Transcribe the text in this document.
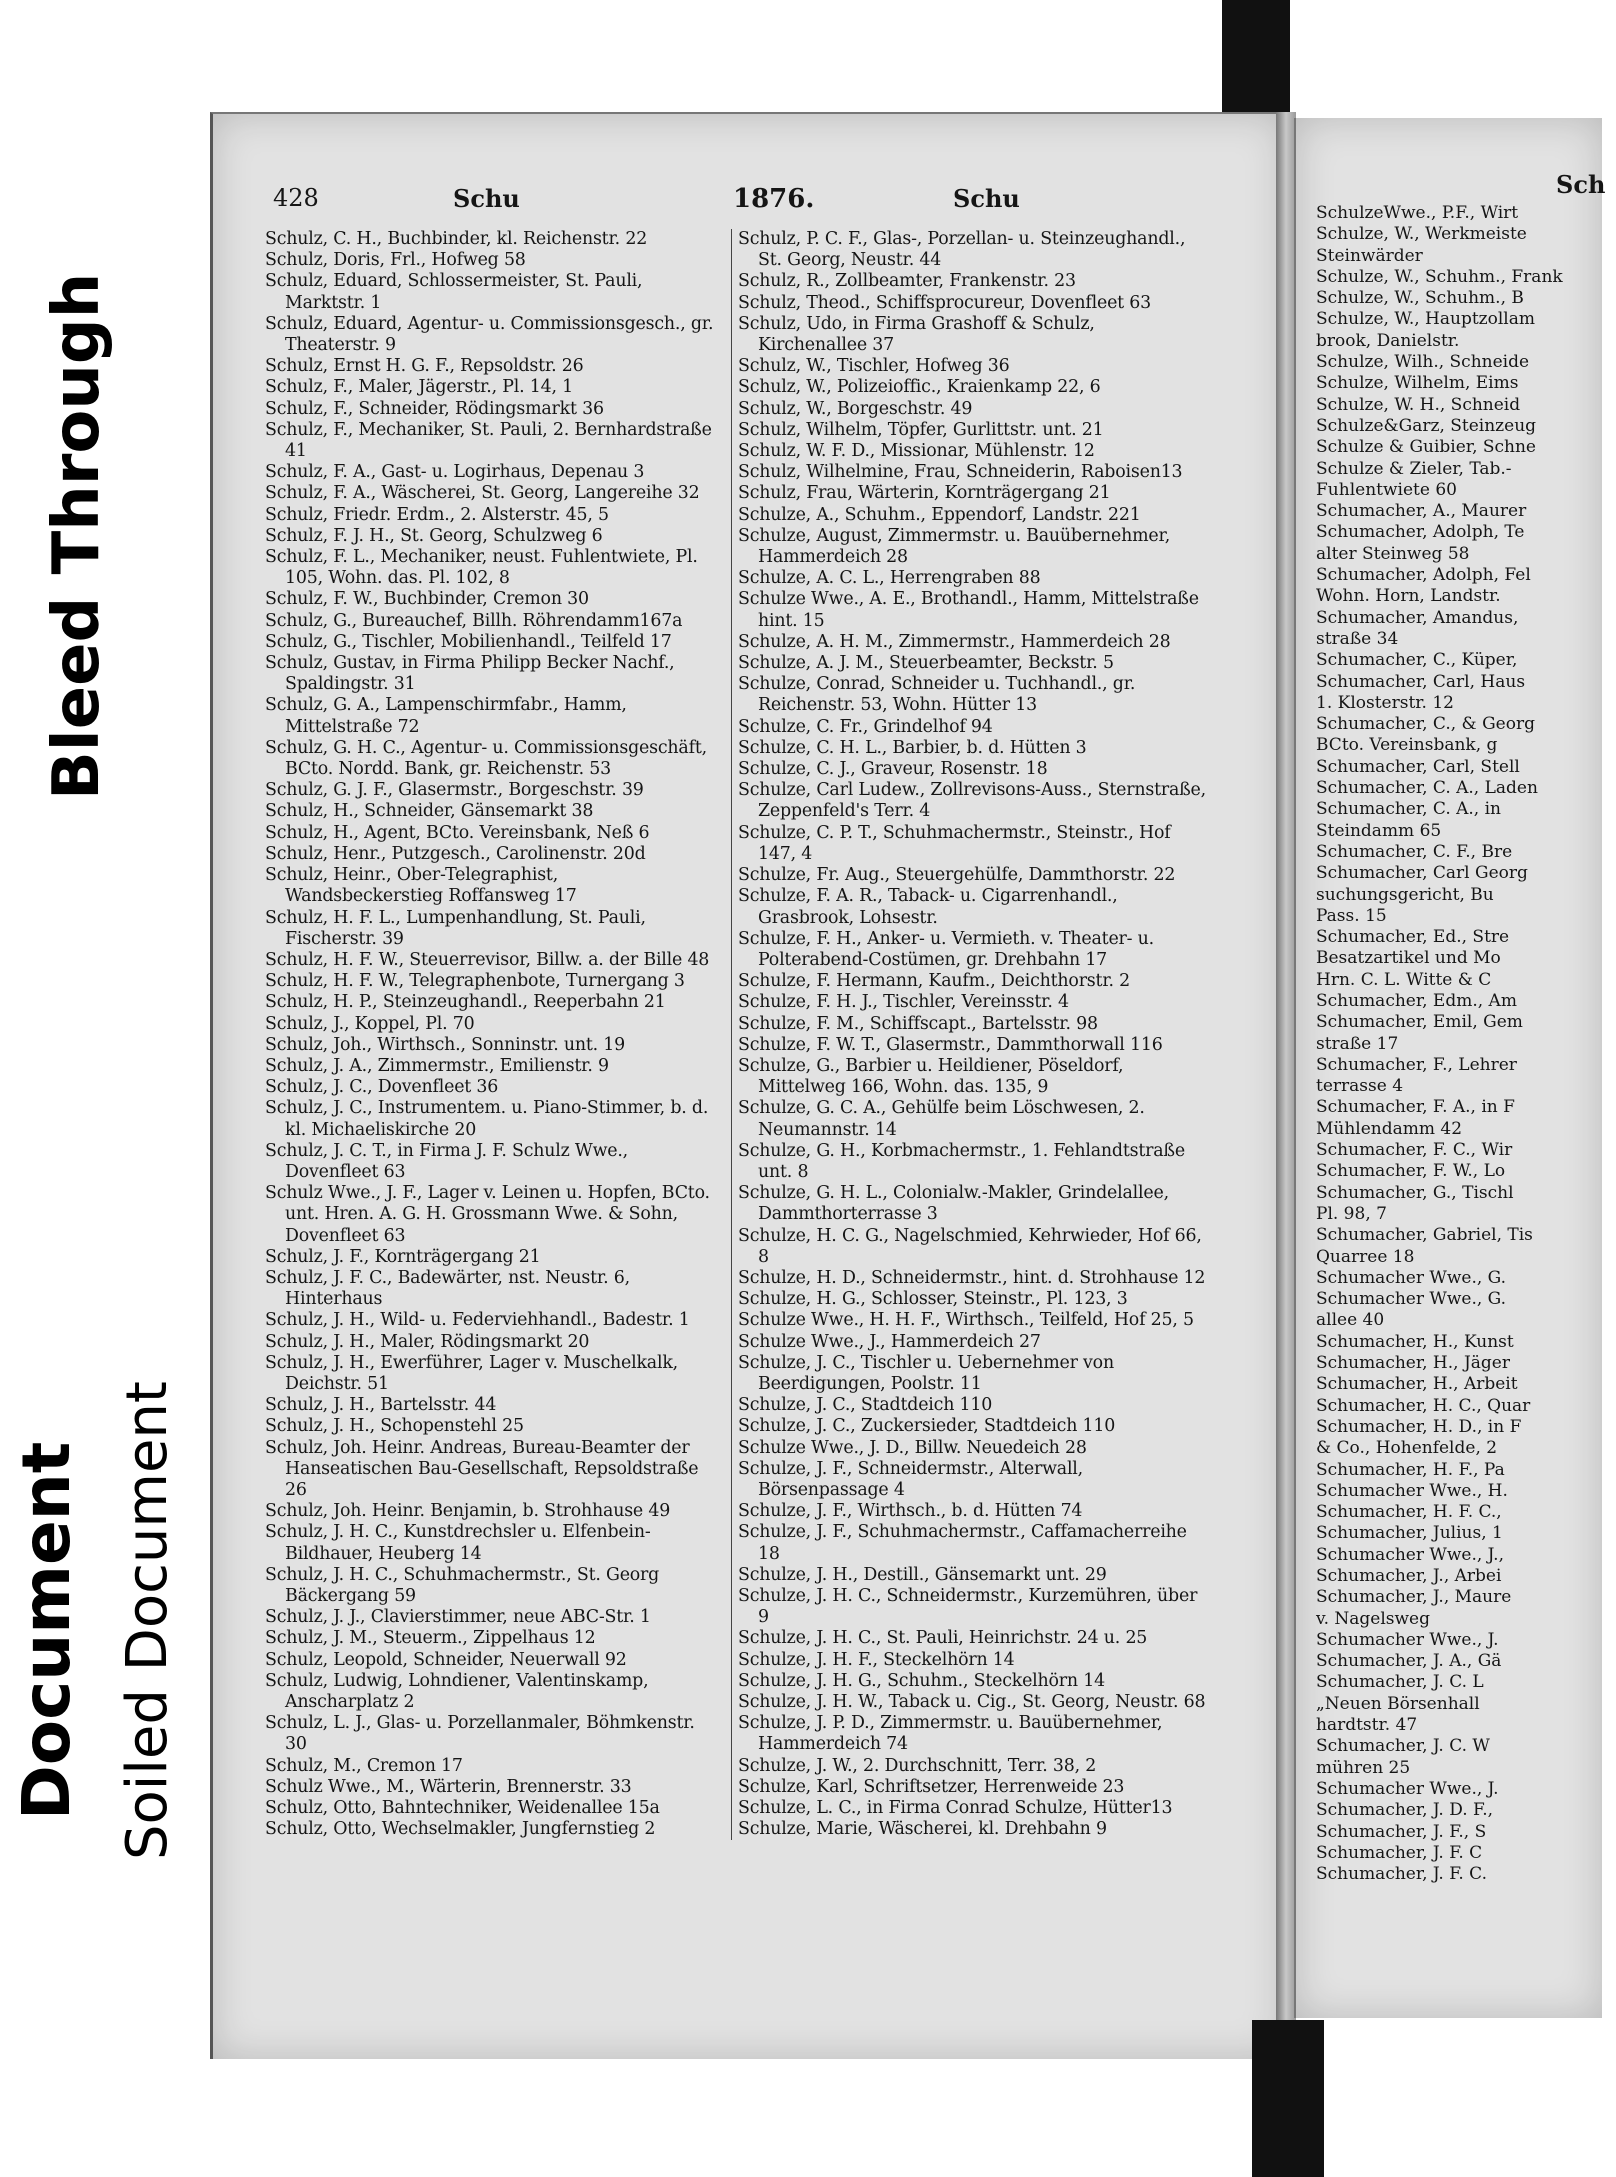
Bleed Through
Document Soiled Document
428	Schu	1876.	Schu
Schulz, C. H., Buchbinder, kl. Reichenstr. 22
Schulz, Doris, Frl., Hofweg 58
Schulz, Eduard, Schlossermeister, St. Pauli, Marktstr. 1
Schulz, Eduard, Agentur- u. Commissionsgesch., gr. Theaterstr. 9
Schulz, Ernst H. G. F., Repsoldstr. 26
Schulz, F., Maler, Jägerstr., Pl. 14, 1
Schulz, F., Schneider, Rödingsmarkt 36
Schulz, F., Mechaniker, St. Pauli, 2. Bernhardstraße 41
Schulz, F. A., Gast- u. Logirhaus, Depenau 3
Schulz, F. A., Wäscherei, St. Georg, Langereihe 32
Schulz, Friedr. Erdm., 2. Alsterstr. 45, 5
Schulz, F. J. H., St. Georg, Schulzweg 6
Schulz, F. L., Mechaniker, neust. Fuhlentwiete, Pl. 105, Wohn. das. Pl. 102, 8
Schulz, F. W., Buchbinder, Cremon 30
Schulz, G., Bureauchef, Billh. Röhrendamm167a
Schulz, G., Tischler, Mobilienhandl., Teilfeld 17
Schulz, Gustav, in Firma Philipp Becker Nachf., Spaldingstr. 31
Schulz, G. A., Lampenschirmfabr., Hamm, Mittelstraße 72
Schulz, G. H. C., Agentur- u. Commissionsgeschäft, BCto. Nordd. Bank, gr. Reichenstr. 53
Schulz, G. J. F., Glasermstr., Borgeschstr. 39
Schulz, H., Schneider, Gänsemarkt 38
Schulz, H., Agent, BCto. Vereinsbank, Neß 6
Schulz, Henr., Putzgesch., Carolinenstr. 20d
Schulz, Heinr., Ober-Telegraphist, Wandsbeckerstieg Roffansweg 17
Schulz, H. F. L., Lumpenhandlung, St. Pauli, Fischerstr. 39
Schulz, H. F. W., Steuerrevisor, Billw. a. der Bille 48
Schulz, H. F. W., Telegraphenbote, Turnergang 3
Schulz, H. P., Steinzeughandl., Reeperbahn 21
Schulz, J., Koppel, Pl. 70
Schulz, Joh., Wirthsch., Sonninstr. unt. 19
Schulz, J. A., Zimmermstr., Emilienstr. 9
Schulz, J. C., Dovenfleet 36
Schulz, J. C., Instrumentem. u. Piano-Stimmer, b. d. kl. Michaeliskirche 20
Schulz, J. C. T., in Firma J. F. Schulz Wwe., Dovenfleet 63
Schulz Wwe., J. F., Lager v. Leinen u. Hopfen, BCto. unt. Hren. A. G. H. Grossmann Wwe. & Sohn, Dovenfleet 63
Schulz, J. F., Kornträgergang 21
Schulz, J. F. C., Badewärter, nst. Neustr. 6, Hinterhaus
Schulz, J. H., Wild- u. Federviehhandl., Badestr. 1
Schulz, J. H., Maler, Rödingsmarkt 20
Schulz, J. H., Ewerführer, Lager v. Muschelkalk, Deichstr. 51
Schulz, J. H., Bartelsstr. 44
Schulz, J. H., Schopenstehl 25
Schulz, Joh. Heinr. Andreas, Bureau-Beamter der Hanseatischen Bau-Gesellschaft, Repsoldstraße 26
Schulz, Joh. Heinr. Benjamin, b. Strohhause 49
Schulz, J. H. C., Kunstdrechsler u. Elfenbein-Bildhauer, Heuberg 14
Schulz, J. H. C., Schuhmachermstr., St. Georg Bäckergang 59
Schulz, J. J., Clavierstimmer, neue ABC-Str. 1
Schulz, J. M., Steuerm., Zippelhaus 12
Schulz, Leopold, Schneider, Neuerwall 92
Schulz, Ludwig, Lohndiener, Valentinskamp, Anscharplatz 2
Schulz, L. J., Glas- u. Porzellanmaler, Böhmkenstr. 30
Schulz, M., Cremon 17
Schulz Wwe., M., Wärterin, Brennerstr. 33
Schulz, Otto, Bahntechniker, Weidenallee 15a
Schulz, Otto, Wechselmakler, Jungfernstieg 2
Schulz, P. C. F., Glas-, Porzellan- u. Steinzeughandl., St. Georg, Neustr. 44
Schulz, R., Zollbeamter, Frankenstr. 23
Schulz, Theod., Schiffsprocureur, Dovenfleet 63
Schulz, Udo, in Firma Grashoff & Schulz, Kirchenallee 37
Schulz, W., Tischler, Hofweg 36
Schulz, W., Polizeioffic., Kraienkamp 22, 6
Schulz, W., Borgeschstr. 49
Schulz, Wilhelm, Töpfer, Gurlittstr. unt. 21
Schulz, W. F. D., Missionar, Mühlenstr. 12
Schulz, Wilhelmine, Frau, Schneiderin, Raboisen13
Schulz, Frau, Wärterin, Kornträgergang 21
Schulze, A., Schuhm., Eppendorf, Landstr. 221
Schulze, August, Zimmermstr. u. Bauübernehmer, Hammerdeich 28
Schulze, A. C. L., Herrengraben 88
Schulze Wwe., A. E., Brothandl., Hamm, Mittelstraße hint. 15
Schulze, A. H. M., Zimmermstr., Hammerdeich 28
Schulze, A. J. M., Steuerbeamter, Beckstr. 5
Schulze, Conrad, Schneider u. Tuchhandl., gr. Reichenstr. 53, Wohn. Hütter 13
Schulze, C. Fr., Grindelhof 94
Schulze, C. H. L., Barbier, b. d. Hütten 3
Schulze, C. J., Graveur, Rosenstr. 18
Schulze, Carl Ludew., Zollrevisons-Auss., Sternstraße, Zeppenfeld's Terr. 4
Schulze, C. P. T., Schuhmachermstr., Steinstr., Hof 147, 4
Schulze, Fr. Aug., Steuergehülfe, Dammthorstr. 22
Schulze, F. A. R., Taback- u. Cigarrenhandl., Grasbrook, Lohsestr.
Schulze, F. H., Anker- u. Vermieth. v. Theater- u. Polterabend-Costümen, gr. Drehbahn 17
Schulze, F. Hermann, Kaufm., Deichthorstr. 2
Schulze, F. H. J., Tischler, Vereinsstr. 4
Schulze, F. M., Schiffscapt., Bartelsstr. 98
Schulze, F. W. T., Glasermstr., Dammthorwall 116
Schulze, G., Barbier u. Heildiener, Pöseldorf, Mittelweg 166, Wohn. das. 135, 9
Schulze, G. C. A., Gehülfe beim Löschwesen, 2. Neumannstr. 14
Schulze, G. H., Korbmachermstr., 1. Fehlandtstraße unt. 8
Schulze, G. H. L., Colonialw.-Makler, Grindelallee, Dammthorterrasse 3
Schulze, H. C. G., Nagelschmied, Kehrwieder, Hof 66, 8
Schulze, H. D., Schneidermstr., hint. d. Strohhause 12
Schulze, H. G., Schlosser, Steinstr., Pl. 123, 3
Schulze Wwe., H. H. F., Wirthsch., Teilfeld, Hof 25, 5
Schulze Wwe., J., Hammerdeich 27
Schulze, J. C., Tischler u. Uebernehmer von Beerdigungen, Poolstr. 11
Schulze, J. C., Stadtdeich 110
Schulze, J. C., Zuckersieder, Stadtdeich 110
Schulze Wwe., J. D., Billw. Neuedeich 28
Schulze, J. F., Schneidermstr., Alterwall, Börsenpassage 4
Schulze, J. F., Wirthsch., b. d. Hütten 74
Schulze, J. F., Schuhmachermstr., Caffamacherreihe 18
Schulze, J. H., Destill., Gänsemarkt unt. 29
Schulze, J. H. C., Schneidermstr., Kurzemühren, über 9
Schulze, J. H. C., St. Pauli, Heinrichstr. 24 u. 25
Schulze, J. H. F., Steckelhörn 14
Schulze, J. H. G., Schuhm., Steckelhörn 14
Schulze, J. H. W., Taback u. Cig., St. Georg, Neustr. 68
Schulze, J. P. D., Zimmermstr. u. Bauübernehmer, Hammerdeich 74
Schulze, J. W., 2. Durchschnitt, Terr. 38, 2
Schulze, Karl, Schriftsetzer, Herrenweide 23
Schulze, L. C., in Firma Conrad Schulze, Hütter13
Schulze, Marie, Wäscherei, kl. Drehbahn 9
Sch
SchulzeWwe., P.F., Wirt
Schulze, W., Werkmeiste
Steinwärder
Schulze, W., Schuhm., Frank
Schulze, W., Schuhm., B
Schulze, W., Hauptzollam
brook, Danielstr.
Schulze, Wilh., Schneide
Schulze, Wilhelm, Eims
Schulze, W. H., Schneid
Schulze&Garz, Steinzeug
Schulze & Guibier, Schne
Schulze & Zieler, Tab.-
Fuhlentwiete 60
Schumacher, A., Maurer
Schumacher, Adolph, Te
alter Steinweg 58
Schumacher, Adolph, Fel
Wohn. Horn, Landstr.
Schumacher, Amandus,
straße 34
Schumacher, C., Küper,
Schumacher, Carl, Haus
1. Klosterstr. 12
Schumacher, C., & Georg
BCto. Vereinsbank, g
Schumacher, Carl, Stell
Schumacher, C. A., Laden
Schumacher, C. A., in
Steindamm 65
Schumacher, C. F., Bre
Schumacher, Carl Georg
suchungsgericht, Bu
Pass. 15
Schumacher, Ed., Stre
Besatzartikel und Mo
Hrn. C. L. Witte & C
Schumacher, Edm., Am
Schumacher, Emil, Gem
straße 17
Schumacher, F., Lehrer
terrasse 4
Schumacher, F. A., in F
Mühlendamm 42
Schumacher, F. C., Wir
Schumacher, F. W., Lo
Schumacher, G., Tischl
Pl. 98, 7
Schumacher, Gabriel, Tis
Quarree 18
Schumacher Wwe., G.
Schumacher Wwe., G.
allee 40
Schumacher, H., Kunst
Schumacher, H., Jäger
Schumacher, H., Arbeit
Schumacher, H. C., Quar
Schumacher, H. D., in F
& Co., Hohenfelde, 2
Schumacher, H. F., Pa
Schumacher Wwe., H.
Schumacher, H. F. C.,
Schumacher, Julius, 1
Schumacher Wwe., J.,
Schumacher, J., Arbei
Schumacher, J., Maure
v. Nagelsweg
Schumacher Wwe., J.
Schumacher, J. A., Gä
Schumacher, J. C. L
„Neuen Börsenhall
hardtstr. 47
Schumacher, J. C. W
mühren 25
Schumacher Wwe., J.
Schumacher, J. D. F.,
Schumacher, J. F., S
Schumacher, J. F. C
Schumacher, J. F. C.
